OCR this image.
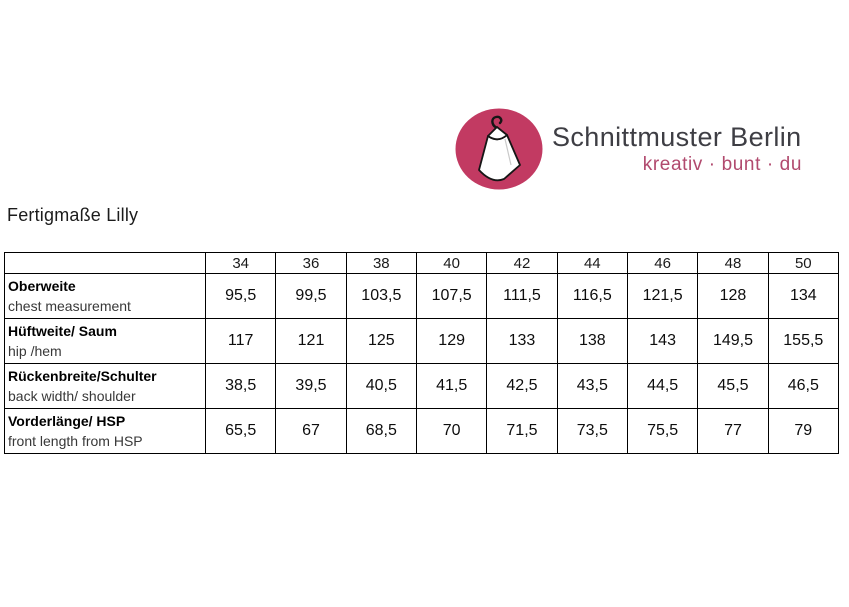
Schnittmuster Berlin
kreativ · bunt · du
Fertigmaße Lilly
	34	36	38	40	42	44	46	48	50

Oberweite
chest measurement	95,5	99,5	103,5	107,5	111,5	116,5	121,5	128	134

Hüftweite/ Saum
hip /hem	117	121	125	129	133	138	143	149,5	155,5

Rückenbreite/Schulter
back width/ shoulder	38,5	39,5	40,5	41,5	42,5	43,5	44,5	45,5	46,5

Vorderlänge/ HSP
front length from HSP	65,5	67	68,5	70	71,5	73,5	75,5	77	79
